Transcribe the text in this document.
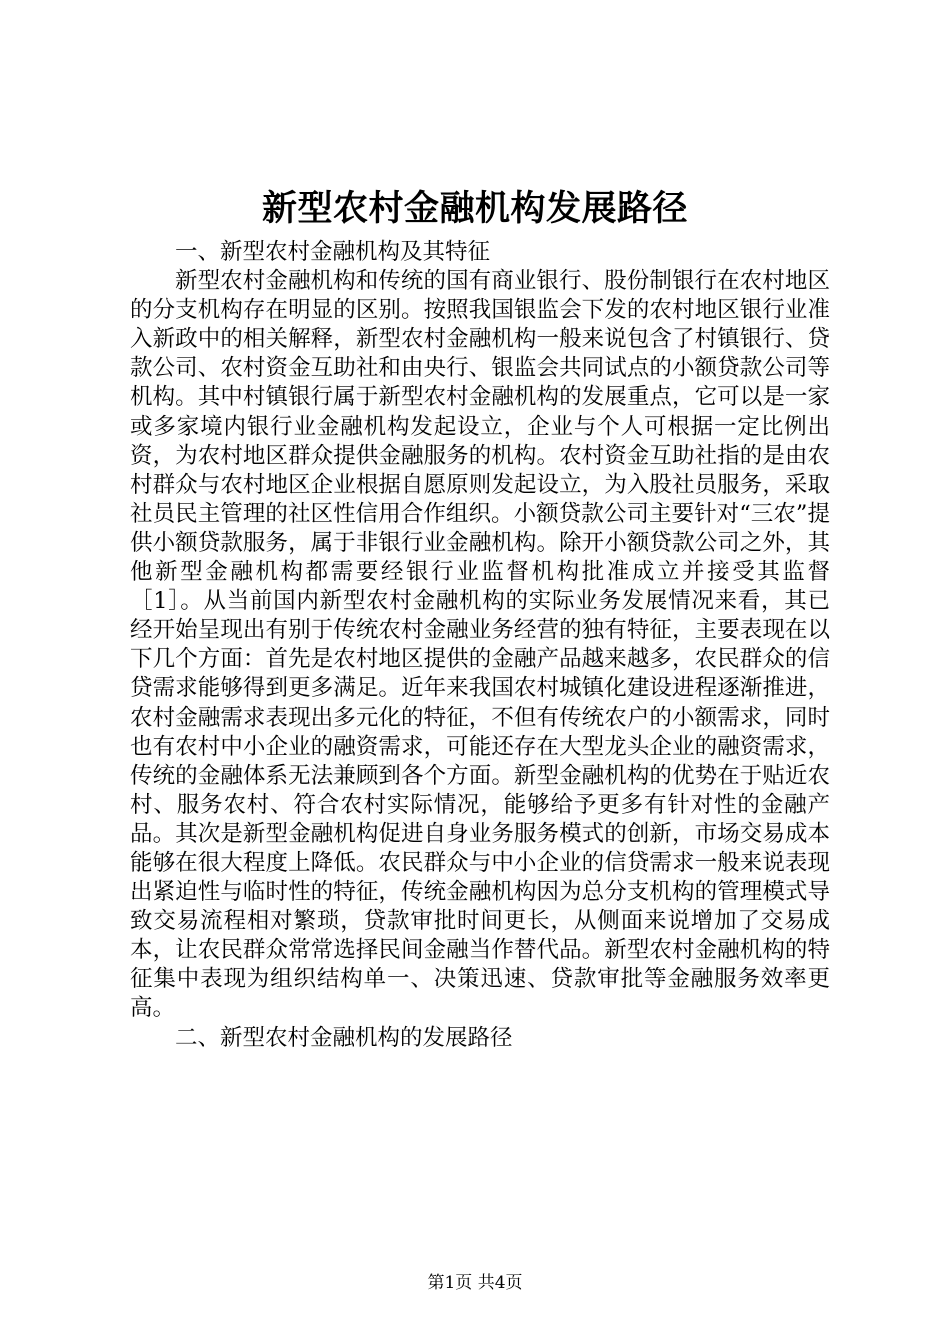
新型农村金融机构发展路径

一、新型农村金融机构及其特征

新型农村金融机构和传统的国有商业银行、股份制银行在农村地区的分支机构存在明显的区别。按照我国银监会下发的农村地区银行业准入新政中的相关解释，新型农村金融机构一般来说包含了村镇银行、贷款公司、农村资金互助社和由央行、银监会共同试点的小额贷款公司等机构。其中村镇银行属于新型农村金融机构的发展重点，它可以是一家或多家境内银行业金融机构发起设立，企业与个人可根据一定比例出资，为农村地区群众提供金融服务的机构。农村资金互助社指的是由农村群众与农村地区企业根据自愿原则发起设立，为入股社员服务，采取社员民主管理的社区性信用合作组织。小额贷款公司主要针对“三农”提供小额贷款服务，属于非银行业金融机构。除开小额贷款公司之外，其他新型金融机构都需要经银行业监督机构批准成立并接受其监督［1］。从当前国内新型农村金融机构的实际业务发展情况来看，其已经开始呈现出有别于传统农村金融业务经营的独有特征，主要表现在以下几个方面：首先是农村地区提供的金融产品越来越多，农民群众的信贷需求能够得到更多满足。近年来我国农村城镇化建设进程逐渐推进，农村金融需求表现出多元化的特征，不但有传统农户的小额需求，同时也有农村中小企业的融资需求，可能还存在大型龙头企业的融资需求，传统的金融体系无法兼顾到各个方面。新型金融机构的优势在于贴近农村、服务农村、符合农村实际情况，能够给予更多有针对性的金融产品。其次是新型金融机构促进自身业务服务模式的创新，市场交易成本能够在很大程度上降低。农民群众与中小企业的信贷需求一般来说表现出紧迫性与临时性的特征，传统金融机构因为总分支机构的管理模式导致交易流程相对繁琐，贷款审批时间更长，从侧面来说增加了交易成本，让农民群众常常选择民间金融当作替代品。新型农村金融机构的特征集中表现为组织结构单一、决策迅速、贷款审批等金融服务效率更高。

二、新型农村金融机构的发展路径

第1页 共4页
